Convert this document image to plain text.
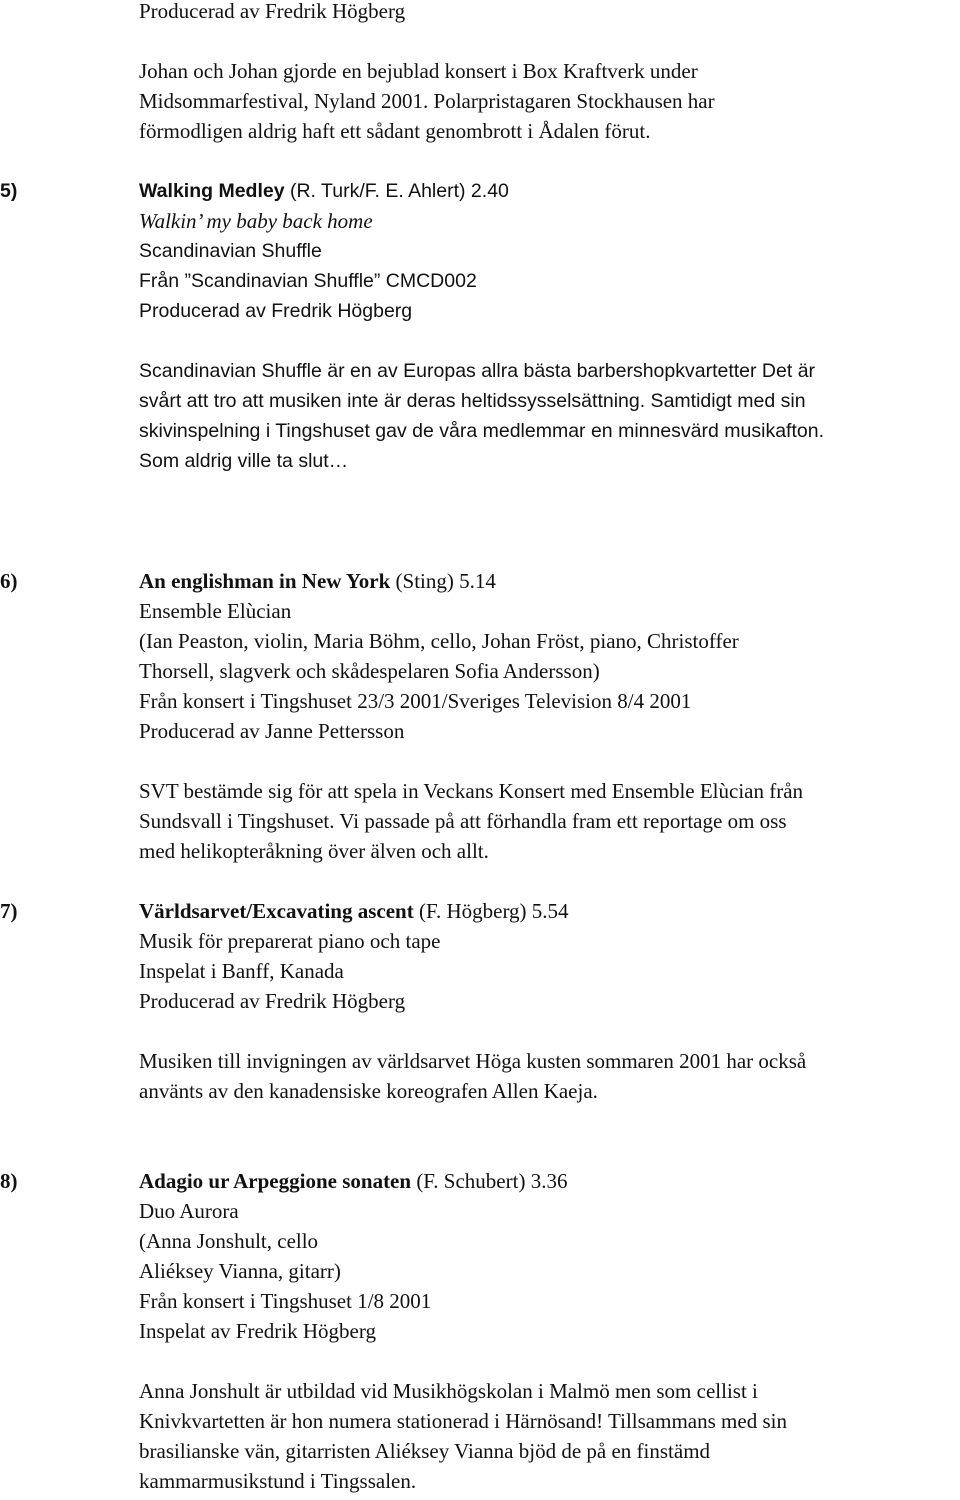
Producerad av Fredrik Högberg
Johan och Johan gjorde en bejublad konsert i Box Kraftverk under
Midsommarfestival, Nyland 2001. Polarpristagaren Stockhausen har
förmodligen aldrig haft ett sådant genombrott i Ådalen förut.
5)	Walking Medley (R. Turk/F. E. Ahlert) 2.40
Walkin’ my baby back home
Scandinavian Shuffle
Från ”Scandinavian Shuffle” CMCD002
Producerad av Fredrik Högberg
Scandinavian Shuffle är en av Europas allra bästa barbershopkvartetter Det är
svårt att tro att musiken inte är deras heltidssysselsättning. Samtidigt med sin
skivinspelning i Tingshuset gav de våra medlemmar en minnesvärd musikafton.
Som aldrig ville ta slut…
6)	An englishman in New York (Sting) 5.14
Ensemble Elùcian
(Ian Peaston, violin, Maria Böhm, cello, Johan Fröst, piano, Christoffer
Thorsell, slagverk och skådespelaren Sofia Andersson)
Från konsert i Tingshuset 23/3 2001/Sveriges Television 8/4 2001
Producerad av Janne Pettersson
SVT bestämde sig för att spela in Veckans Konsert med Ensemble Elùcian från
Sundsvall i Tingshuset. Vi passade på att förhandla fram ett reportage om oss
med helikopteråkning över älven och allt.
7)	Världsarvet/Excavating ascent (F. Högberg) 5.54
Musik för preparerat piano och tape
Inspelat i Banff, Kanada
Producerad av Fredrik Högberg
Musiken till invigningen av världsarvet Höga kusten sommaren 2001 har också
använts av den kanadensiske koreografen Allen Kaeja.
8)	Adagio ur Arpeggione sonaten (F. Schubert) 3.36
Duo Aurora
(Anna Jonshult, cello
Aliéksey Vianna, gitarr)
Från konsert i Tingshuset 1/8 2001
Inspelat av Fredrik Högberg
Anna Jonshult är utbildad vid Musikhögskolan i Malmö men som cellist i
Knivkvartetten är hon numera stationerad i Härnösand! Tillsammans med sin
brasilianske vän, gitarristen Aliéksey Vianna bjöd de på en finstämd
kammarmusikstund i Tingssalen.
